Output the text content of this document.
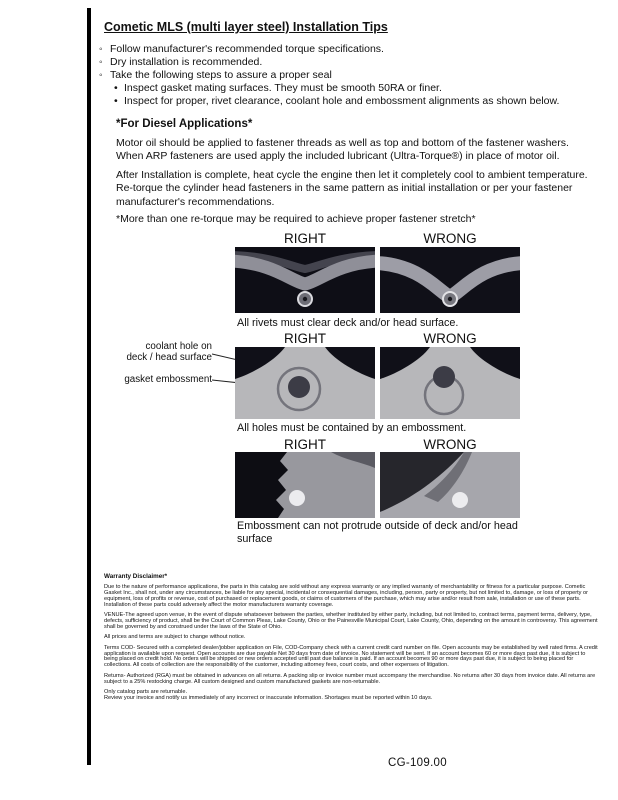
Cometic MLS (multi layer steel) Installation Tips
◦ Follow manufacturer's recommended torque specifications.
◦ Dry installation is recommended.
◦ Take the following steps to assure a proper seal
• Inspect gasket mating surfaces. They must be smooth 50RA or finer.
• Inspect for proper, rivet clearance, coolant hole and embossment alignments as shown below.
*For Diesel Applications*
Motor oil should be applied to fastener threads as well as top and bottom of the fastener washers. When ARP fasteners are used apply the included lubricant (Ultra-Torque®) in place of motor oil.
After Installation is complete, heat cycle the engine then let it completely cool to ambient temperature. Re-torque the cylinder head fasteners in the same pattern as initial installation or per your fastener manufacturer's recommendations.
*More than one re-torque may be required to achieve proper fastener stretch*
RIGHT	WRONG
All rivets must clear deck and/or head surface.
RIGHT	WRONG
coolant hole on
deck / head surface
gasket embossment
All holes must be contained by an embossment.
RIGHT	WRONG
Embossment can not protrude outside of deck and/or head surface
Warranty Disclaimer*

Due to the nature of performance applications, the parts in this catalog are sold without any express warranty or any implied warranty of merchantability or fitness for a particular purpose. Cometic Gasket Inc., shall not, under any circumstances, be liable for any special, incidental or consequential damages, including, person, party or property, but not limited to, damage, or loss of property or equipment, loss of profits or revenue, cost of purchased or replacement goods, or claims of customers of the purchase, which may arise and/or result from sale, installation or use of these parts. Installation of these parts could adversely affect the motor manufacturers warranty coverage.

VENUE-The agreed upon venue, in the event of dispute whatsoever between the parties, whether instituted by either party, including, but not limited to, contract terms, payment terms, delivery, type, defects, sufficiency of product, shall be the Court of Common Pleas, Lake County, Ohio or the Painesville Municipal Court, Lake County, Ohio, depending on the amount in controversy. This agreement shall be governed by and construed under the laws of the State of Ohio.

All prices and terms are subject to change without notice.

Terms COD- Secured with a completed dealer/jobber application on File, COD-Company check with a current credit card number on file. Open accounts may be established by well rated firms. A credit application is available upon request. Open accounts are due payable Net 30 days from date of invoice. No statement will be sent. If an account becomes 60 or more days past due, it is subject to being placed on credit hold. No orders will be shipped or new orders accepted until past due balance is paid. If an account becomes 90 or more days past due, it is subject to being placed for collections. All costs of collection are the responsibility of the customer, including attorney fees, court costs, and other expenses of litigation.

Returns- Authorized (RGA) must be obtained in advances on all returns. A packing slip or invoice number must accompany the merchandise. No returns after 30 days from invoice date. All returns are subject to a 25% restocking charge. All custom designed and custom manufactured gaskets are non-returnable.

Only catalog parts are returnable.

Review your invoice and notify us immediately of any incorrect or inaccurate information. Shortages must be reported within 10 days.

CG-109.00
